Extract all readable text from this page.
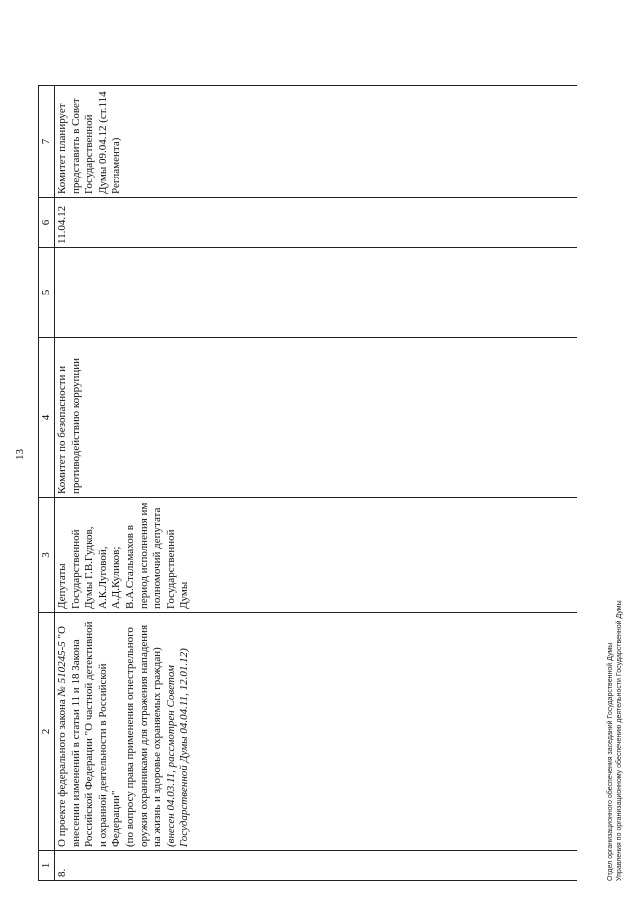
13
1	2	3	4	5	6	7
8.	О проекте федерального закона № 510245-5 "О внесении изменений в статьи 11 и 18 Закона Российской Федерации "О частной детективной и охранной деятельности в Российской Федерации" (по вопросу права применения огнестрельного оружия охранниками для отражения нападения на жизнь и здоровье охраняемых граждан) (внесен 04.03.11, рассмотрен Советом Государственной Думы 04.04.11, 12.01.12)	Депутаты Государственной Думы Г.В.Гудков, А.К.Луговой, А.Д.Куликов; В.А.Стальмахов в период исполнения им полномочий депутата Государственной Думы	Комитет по безопасности и противодействию коррупции		11.04.12	Комитет планирует представить в Совет Государственной Думы 09.04.12 (ст.114 Регламента)
Отдел организационного обеспечения заседаний Государственной Думы Управления по организационному обеспечению деятельности Государственной Думы
